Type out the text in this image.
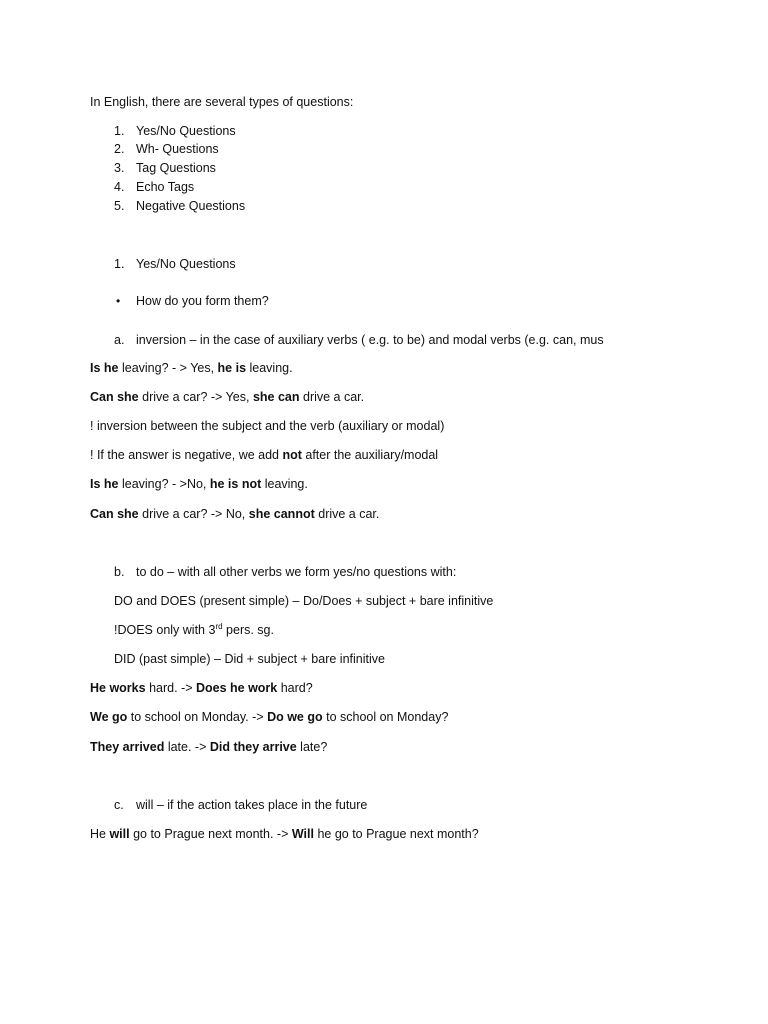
In English, there are several types of questions:
1. Yes/No Questions
2. Wh- Questions
3. Tag Questions
4. Echo Tags
5. Negative Questions
1. Yes/No Questions
• How do you form them?
a. inversion – in the case of auxiliary verbs ( e.g. to be) and modal verbs (e.g. can, mus
Is he leaving? - > Yes, he is leaving.
Can she drive a car? -> Yes, she can drive a car.
! inversion between the subject and the verb (auxiliary or modal)
! If the answer is negative, we add not after the auxiliary/modal
Is he leaving? - >No, he is not leaving.
Can she drive a car? -> No, she cannot drive a car.
b. to do – with all other verbs we form yes/no questions with:
DO and DOES (present simple) – Do/Does + subject + bare infinitive
!DOES only with 3rd pers. sg.
DID (past simple) – Did + subject + bare infinitive
He works hard. -> Does he work hard?
We go to school on Monday. -> Do we go to school on Monday?
They arrived late. -> Did they arrive late?
c. will – if the action takes place in the future
He will go to Prague next month. -> Will he go to Prague next month?
